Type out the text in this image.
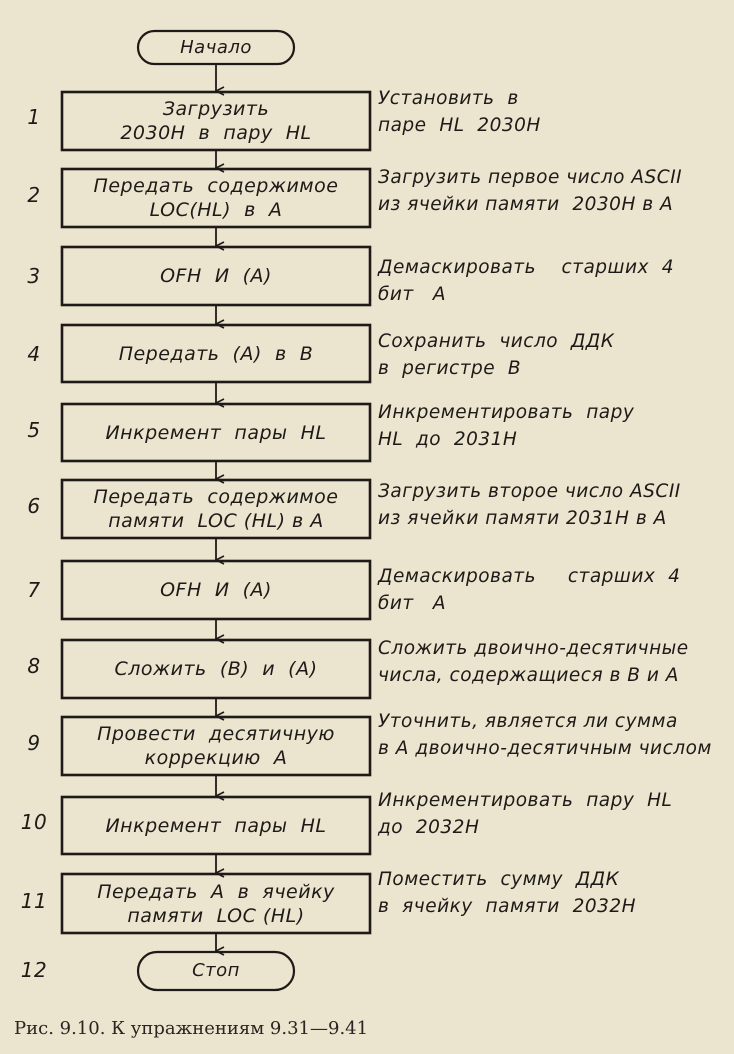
Начало
Загрузить
2030H  в  пару  HL
Установить  в
паре  HL  2030H
1
Передать  содержимое
LOC(HL)  в  A
Загрузить первое число ASCII
из ячейки памяти  2030H в A
2
OFH  И  (A)	Демаскировать    старших  4
бит   A
3
Передать  (A)  в  B
Сохранить  число  ДДК
в  регистре  B
4
Инкремент  пары  HL
Инкрементировать  пару
HL  до  2031H
5
Передать  содержимое
памяти  LOC (HL) в A
Загрузить второе число ASCII
из ячейки памяти 2031H в A
6
OFH  И  (A)
Демаскировать     старших  4
бит   A
7
Сложить  (B)  и  (A)
Сложить двоично-десятичные
числа, содержащиеся в B и A
8
Провести  десятичную
коррекцию  A
Уточнить, является ли сумма
в A двоично-десятичным числом
9
Инкремент  пары  HL
Инкрементировать  пару  HL
до  2032H
10
Передать  A  в  ячейку
памяти  LOC (HL)
Поместить  сумму  ДДК
в  ячейку  памяти  2032H
11
Стоп
12
Рис. 9.10. К упражнениям 9.31—9.41
